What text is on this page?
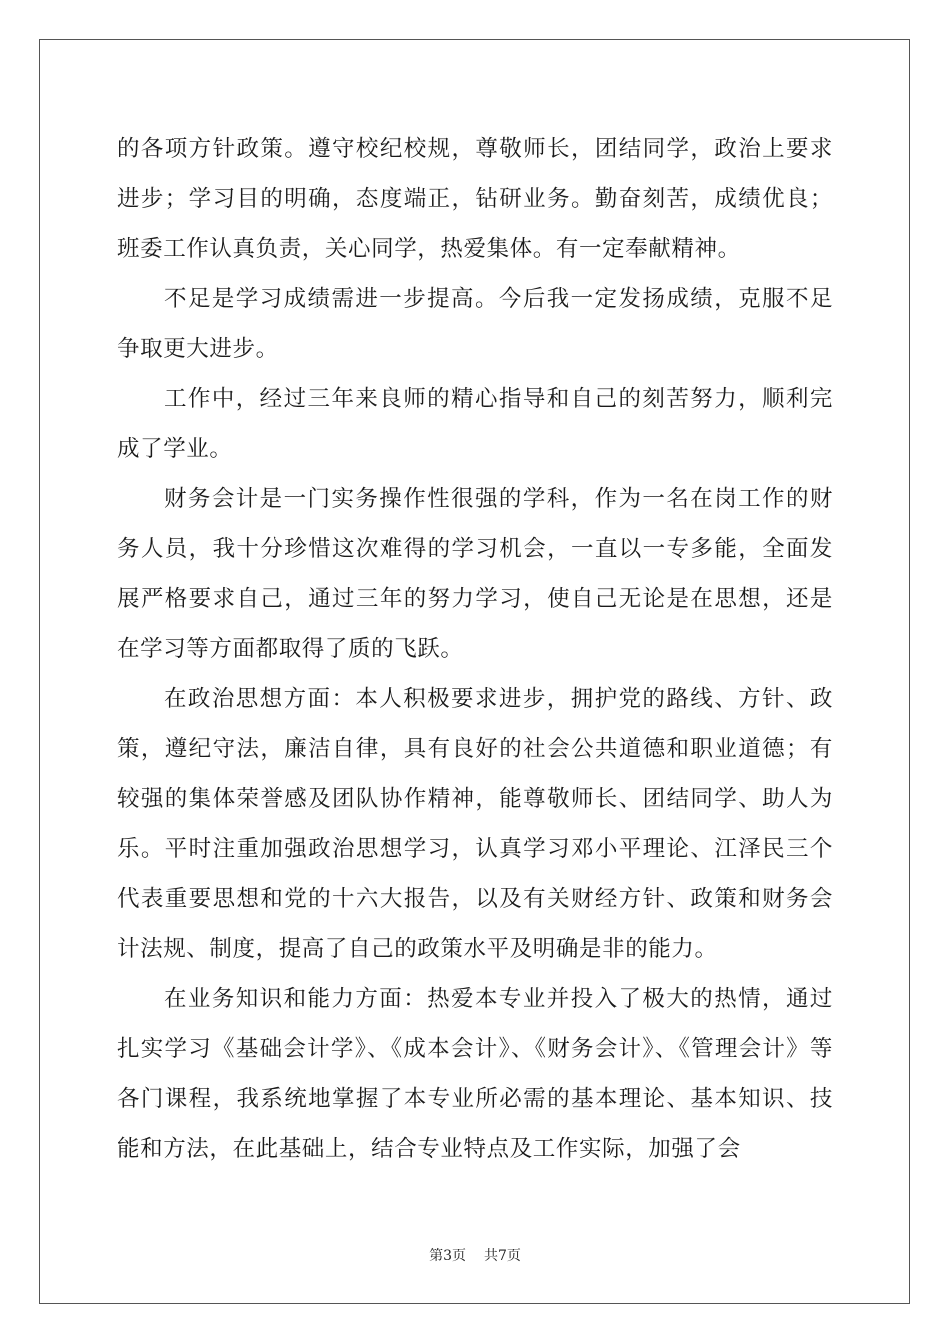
的各项方针政策。遵守校纪校规，尊敬师长，团结同学，政治上要求进步；学习目的明确，态度端正，钻研业务。勤奋刻苦，成绩优良；班委工作认真负责，关心同学，热爱集体。有一定奉献精神。

不足是学习成绩需进一步提高。今后我一定发扬成绩，克服不足争取更大进步。

工作中，经过三年来良师的精心指导和自己的刻苦努力，顺利完成了学业。

财务会计是一门实务操作性很强的学科，作为一名在岗工作的财务人员，我十分珍惜这次难得的学习机会，一直以一专多能，全面发展严格要求自己，通过三年的努力学习，使自己无论是在思想，还是在学习等方面都取得了质的飞跃。

在政治思想方面：本人积极要求进步，拥护党的路线、方针、政策，遵纪守法，廉洁自律，具有良好的社会公共道德和职业道德；有较强的集体荣誉感及团队协作精神，能尊敬师长、团结同学、助人为乐。平时注重加强政治思想学习，认真学习邓小平理论、江泽民三个代表重要思想和党的十六大报告，以及有关财经方针、政策和财务会计法规、制度，提高了自己的政策水平及明确是非的能力。

在业务知识和能力方面：热爱本专业并投入了极大的热情，通过扎实学习《基础会计学》、《成本会计》、《财务会计》、《管理会计》等各门课程，我系统地掌握了本专业所必需的基本理论、基本知识、技能和方法，在此基础上，结合专业特点及工作实际，加强了会

第3页 共7页
